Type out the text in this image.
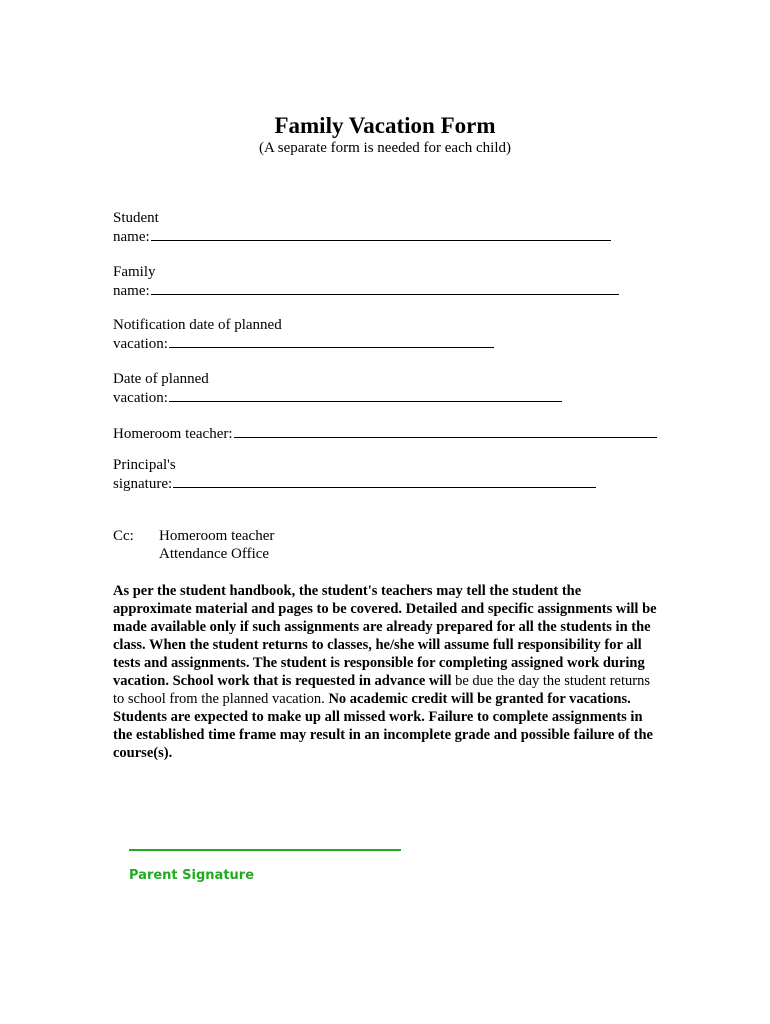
Family Vacation Form
(A separate form is needed for each child)
Student
name:
Family
name:
Notification date of planned
vacation:
Date of planned
vacation:
Homeroom teacher:
Principal's
signature:
Cc: Homeroom teacher
Attendance Office
As per the student handbook, the student's teachers may tell the student the approximate material and pages to be covered. Detailed and specific assignments will be made available only if such assignments are already prepared for all the students in the class. When the student returns to classes, he/she will assume full responsibility for all tests and assignments. The student is responsible for completing assigned work during vacation. School work that is requested in advance will be due the day the student returns to school from the planned vacation. No academic credit will be granted for vacations. Students are expected to make up all missed work. Failure to complete assignments in the established time frame may result in an incomplete grade and possible failure of the course(s).
Parent Signature
